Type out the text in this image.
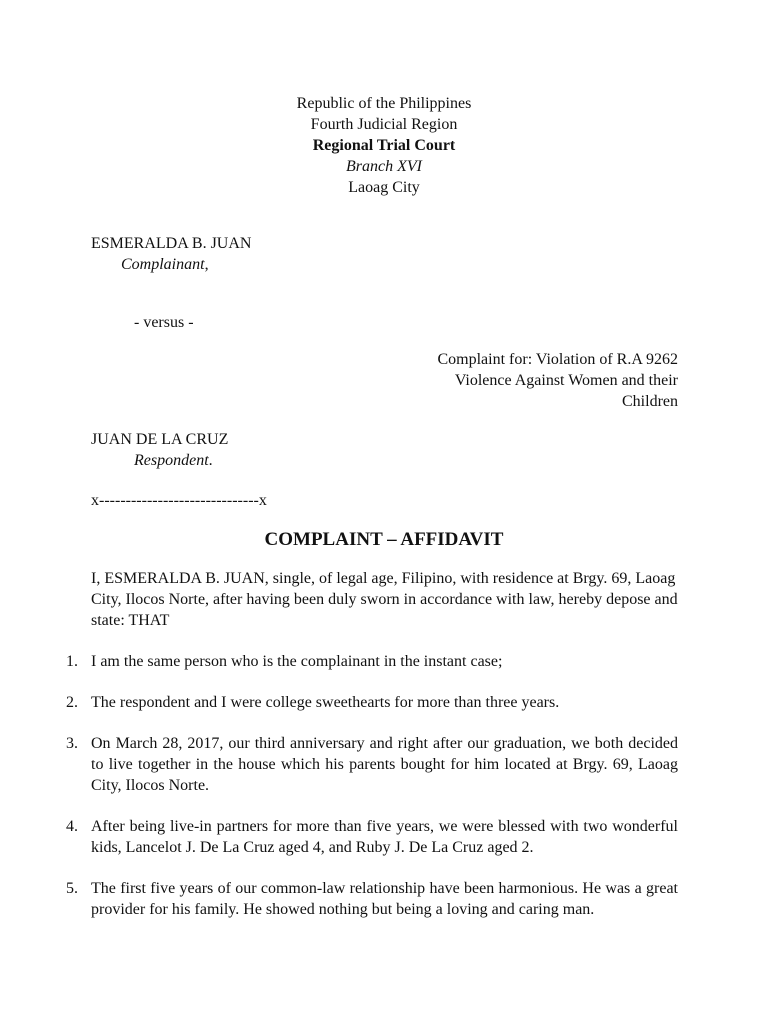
Republic of the Philippines
Fourth Judicial Region
Regional Trial Court
Branch XVI
Laoag City
ESMERALDA B. JUAN
Complainant,
- versus -
Complaint for: Violation of R.A 9262
Violence Against Women and their
Children
JUAN DE LA CRUZ
Respondent.
x------------------------------x
COMPLAINT – AFFIDAVIT
I, ESMERALDA B. JUAN, single, of legal age, Filipino, with residence at Brgy. 69, Laoag City, Ilocos Norte, after having been duly sworn in accordance with law, hereby depose and state: THAT
1. I am the same person who is the complainant in the instant case;
2. The respondent and I were college sweethearts for more than three years.
3. On March 28, 2017, our third anniversary and right after our graduation, we both decided to live together in the house which his parents bought for him located at Brgy. 69, Laoag City, Ilocos Norte.
4. After being live-in partners for more than five years, we were blessed with two wonderful kids, Lancelot J. De La Cruz aged 4, and Ruby J. De La Cruz aged 2.
5. The first five years of our common-law relationship have been harmonious. He was a great provider for his family. He showed nothing but being a loving and caring man.
